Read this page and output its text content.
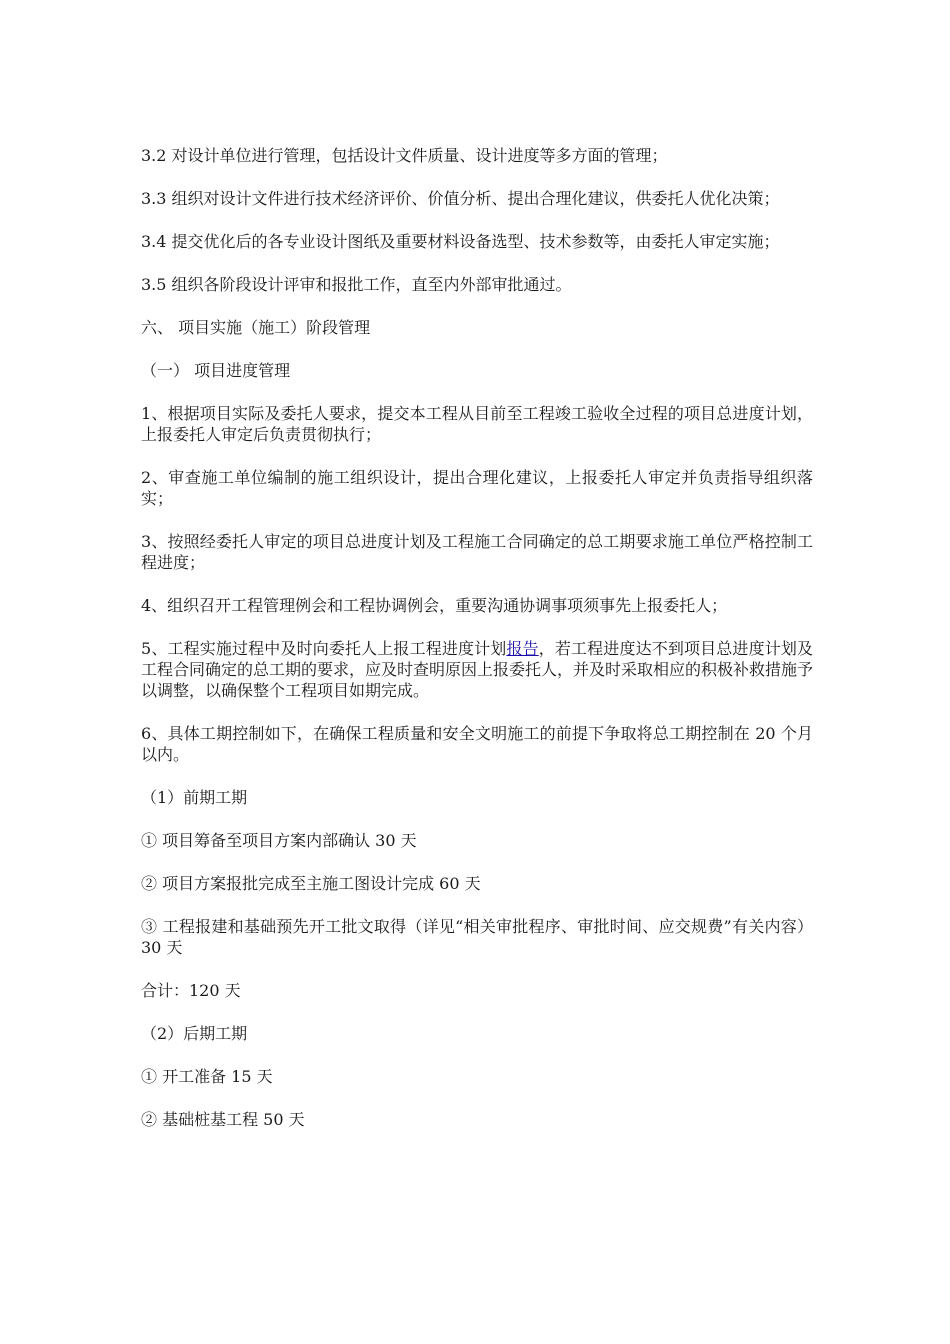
3.2 对设计单位进行管理，包括设计文件质量、设计进度等多方面的管理；

3.3 组织对设计文件进行技术经济评价、价值分析、提出合理化建议，供委托人优化决策；

3.4 提交优化后的各专业设计图纸及重要材料设备选型、技术参数等，由委托人审定实施；

3.5 组织各阶段设计评审和报批工作，直至内外部审批通过。

六、 项目实施（施工）阶段管理

（一） 项目进度管理

1、根据项目实际及委托人要求，提交本工程从目前至工程竣工验收全过程的项目总进度计划，上报委托人审定后负责贯彻执行；

2、审查施工单位编制的施工组织设计，提出合理化建议，上报委托人审定并负责指导组织落实；

3、按照经委托人审定的项目总进度计划及工程施工合同确定的总工期要求施工单位严格控制工程进度；

4、组织召开工程管理例会和工程协调例会，重要沟通协调事项须事先上报委托人；

5、工程实施过程中及时向委托人上报工程进度计划报告，若工程进度达不到项目总进度计划及工程合同确定的总工期的要求，应及时查明原因上报委托人，并及时采取相应的积极补救措施予以调整，以确保整个工程项目如期完成。

6、具体工期控制如下，在确保工程质量和安全文明施工的前提下争取将总工期控制在 20 个月以内。

（1）前期工期

① 项目筹备至项目方案内部确认 30 天

② 项目方案报批完成至主施工图设计完成 60 天

③ 工程报建和基础预先开工批文取得（详见“相关审批程序、审批时间、应交规费”有关内容） 30 天

合计：120 天

（2）后期工期

① 开工准备 15 天

② 基础桩基工程 50 天
